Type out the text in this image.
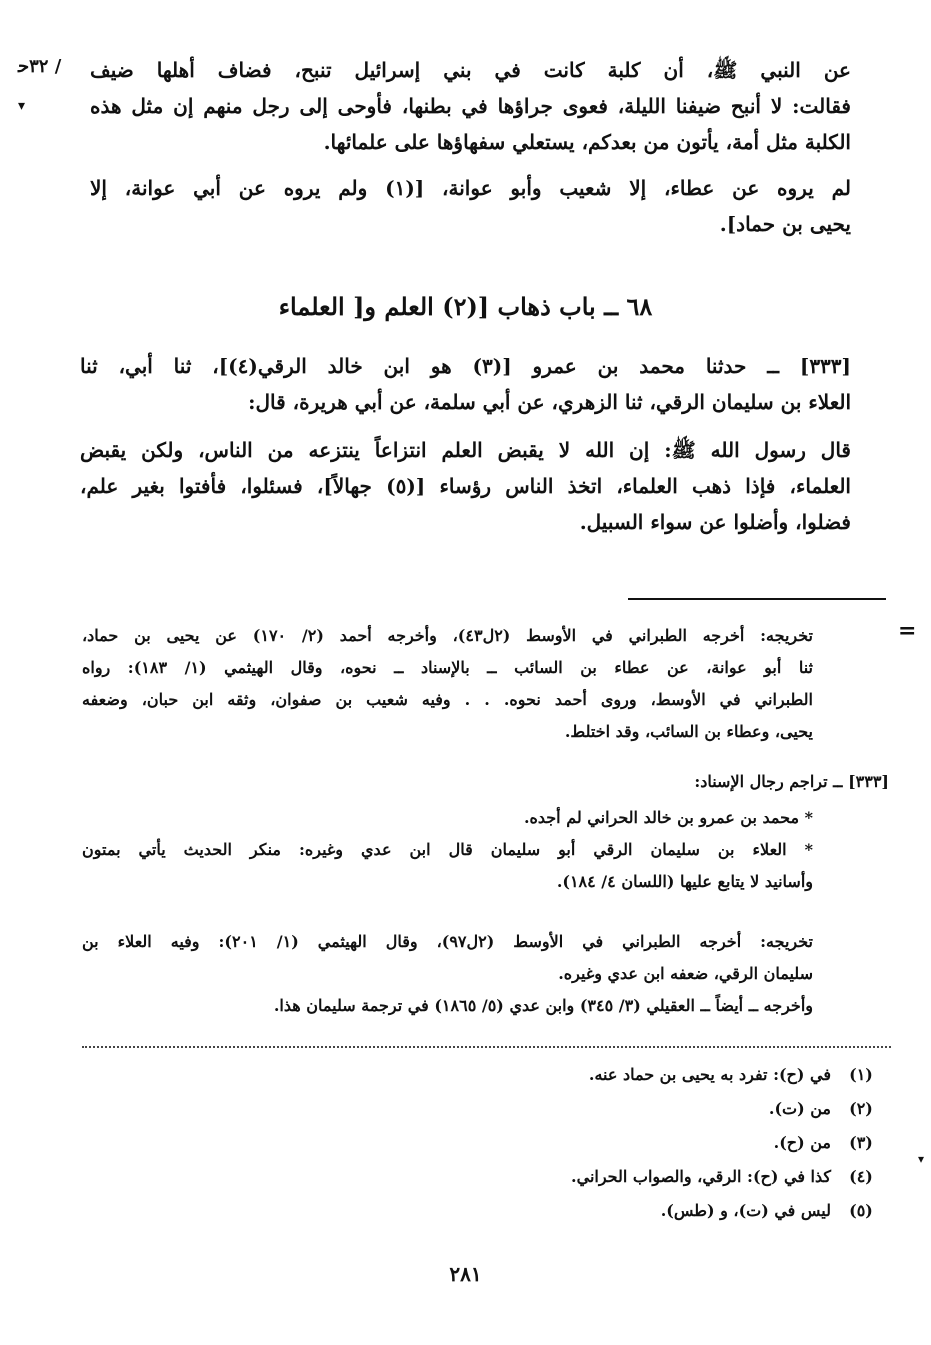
٣٢ﺣ /
▾
=
▾
عن النبي ﷺ، أن كلبة كانت في بني إسرائيل تنبح، فضاف أهلها ضيف
فقالت: لا أنبح ضيفنا الليلة، فعوى جراؤها في بطنها، فأوحى إلى رجل منهم إن مثل هذه
الكلبة مثل أمة، يأتون من بعدكم، يستعلي سفهاؤها على علمائها.
لم يروه عن عطاء، إلا شعيب وأبو عوانة، [(١) ولم يروه عن أبي عوانة، إلا
يحيى بن حماد].
٦٨ ــ باب ذهاب [(٢) العلم و[ العلماء
[٣٣٣] ــ حدثنا محمد بن عمرو [(٣) هو ابن خالد الرقي(٤)]، ثنا أبي، ثنا
العلاء بن سليمان الرقي، ثنا الزهري، عن أبي سلمة، عن أبي هريرة، قال:
قال رسول الله ﷺ: إن الله لا يقبض العلم انتزاعاً ينتزعه من الناس، ولكن يقبض
العلماء، فإذا ذهب العلماء، اتخذ الناس رؤساء [(٥) جهالاً]، فسئلوا، فأفتوا بغير علم،
فضلوا، وأضلوا عن سواء السبيل.
تخريجه: أخرجه الطبراني في الأوسط (٢ل٤٣)، وأخرجه أحمد (٢/ ١٧٠) عن يحيى بن حماد،
ثنا أبو عوانة، عن عطاء بن السائب ــ بالإسناد ــ نحوه، وقال الهيثمي (١/ ١٨٣): رواه
الطبراني في الأوسط، وروى أحمد نحوه. . . وفيه شعيب بن صفوان، وثقه ابن حبان، وضعفه
يحيى، وعطاء بن السائب، وقد اختلط.
[٣٣٣] ــ تراجم رجال الإسناد:
* محمد بن عمرو بن خالد الحراني لم أجده.
* العلاء بن سليمان الرقي أبو سليمان قال ابن عدي وغيره: منكر الحديث يأتي بمتون
وأسانيد لا يتابع عليها (اللسان ٤/ ١٨٤).
تخريجه: أخرجه الطبراني في الأوسط (٢ل٩٧)، وقال الهيثمي (١/ ٢٠١): وفيه العلاء بن
سليمان الرقي، ضعفه ابن عدي وغيره.
وأخرجه ــ أيضاً ــ العقيلي (٣/ ٣٤٥) وابن عدي (٥/ ١٨٦٥) في ترجمة سليمان هذا.
(١)
في (ح): تفرد به يحيى بن حماد عنه.
(٢)
من (ت).
(٣)
من (ح).
(٤)
كذا في (ح): الرقي، والصواب الحراني.
(٥)
ليس في (ت)، و (طس).
٢٨١
